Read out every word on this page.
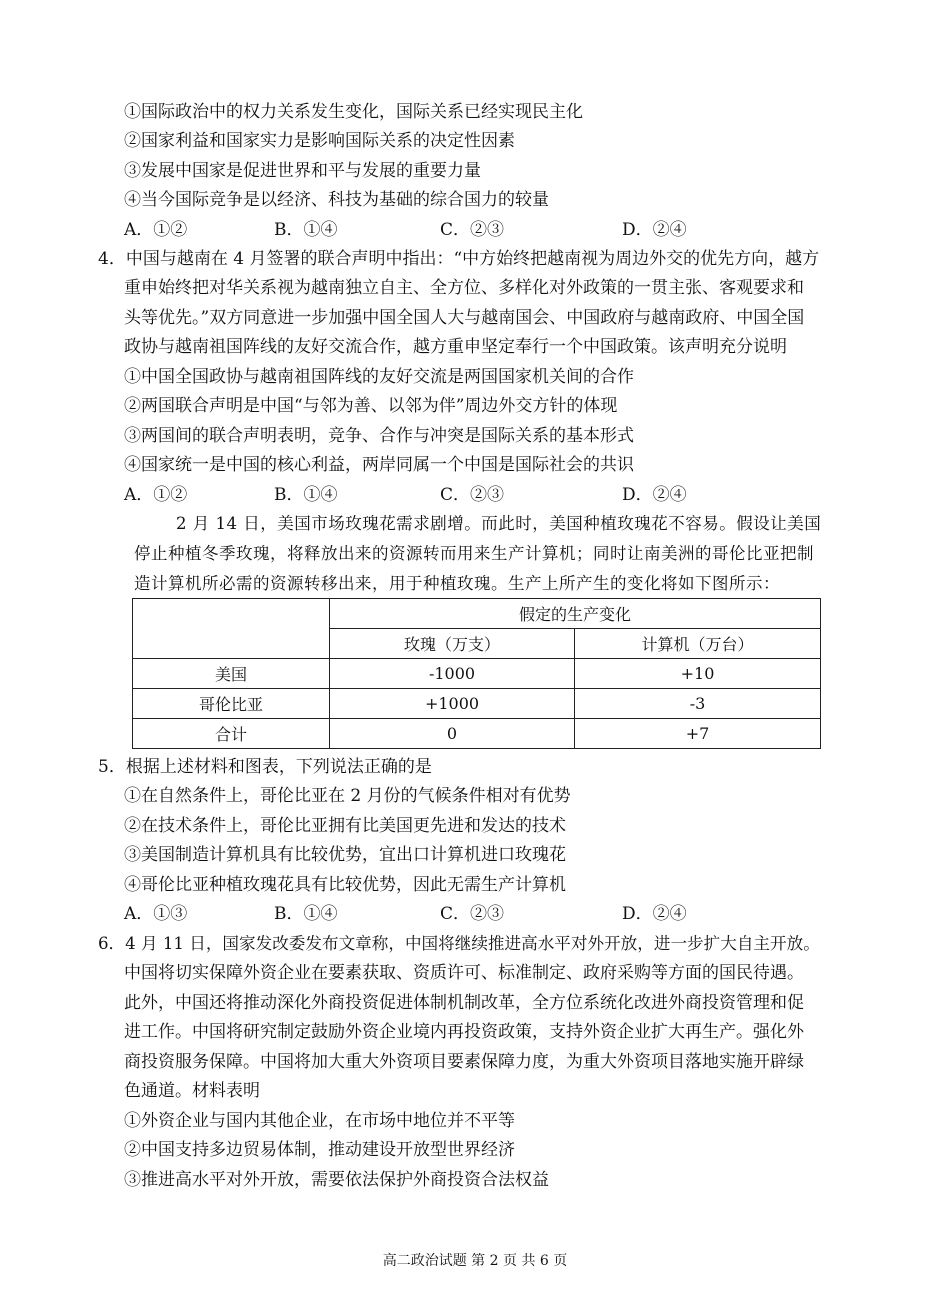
①国际政治中的权力关系发生变化，国际关系已经实现民主化
②国家利益和国家实力是影响国际关系的决定性因素
③发展中国家是促进世界和平与发展的重要力量
④当今国际竞争是以经济、科技为基础的综合国力的较量
A．①②	B．①④	C．②③	D．②④
4．中国与越南在 4 月签署的联合声明中指出：“中方始终把越南视为周边外交的优先方向，越方
重申始终把对华关系视为越南独立自主、全方位、多样化对外政策的一贯主张、客观要求和
头等优先。”双方同意进一步加强中国全国人大与越南国会、中国政府与越南政府、中国全国
政协与越南祖国阵线的友好交流合作，越方重申坚定奉行一个中国政策。该声明充分说明
①中国全国政协与越南祖国阵线的友好交流是两国国家机关间的合作
②两国联合声明是中国“与邻为善、以邻为伴”周边外交方针的体现
③两国间的联合声明表明，竞争、合作与冲突是国际关系的基本形式
④国家统一是中国的核心利益，两岸同属一个中国是国际社会的共识
A．①②	B．①④	C．②③	D．②④
2 月 14 日，美国市场玫瑰花需求剧增。而此时，美国种植玫瑰花不容易。假设让美国
停止种植冬季玫瑰，将释放出来的资源转而用来生产计算机；同时让南美洲的哥伦比亚把制
造计算机所必需的资源转移出来，用于种植玫瑰。生产上所产生的变化将如下图所示：
	假定的生产变化	
	玫瑰（万支）	计算机（万台）
美国	-1000	+10
哥伦比亚	+1000	-3
合计	0	+7
5．根据上述材料和图表，下列说法正确的是
①在自然条件上，哥伦比亚在 2 月份的气候条件相对有优势
②在技术条件上，哥伦比亚拥有比美国更先进和发达的技术
③美国制造计算机具有比较优势，宜出口计算机进口玫瑰花
④哥伦比亚种植玫瑰花具有比较优势，因此无需生产计算机
A．①③	B．①④	C．②③	D．②④
6．4 月 11 日，国家发改委发布文章称，中国将继续推进高水平对外开放，进一步扩大自主开放。
中国将切实保障外资企业在要素获取、资质许可、标准制定、政府采购等方面的国民待遇。
此外，中国还将推动深化外商投资促进体制机制改革，全方位系统化改进外商投资管理和促
进工作。中国将研究制定鼓励外资企业境内再投资政策，支持外资企业扩大再生产。强化外
商投资服务保障。中国将加大重大外资项目要素保障力度，为重大外资项目落地实施开辟绿
色通道。材料表明
①外资企业与国内其他企业，在市场中地位并不平等
②中国支持多边贸易体制，推动建设开放型世界经济
③推进高水平对外开放，需要依法保护外商投资合法权益
高二政治试题 第 2 页 共 6 页
